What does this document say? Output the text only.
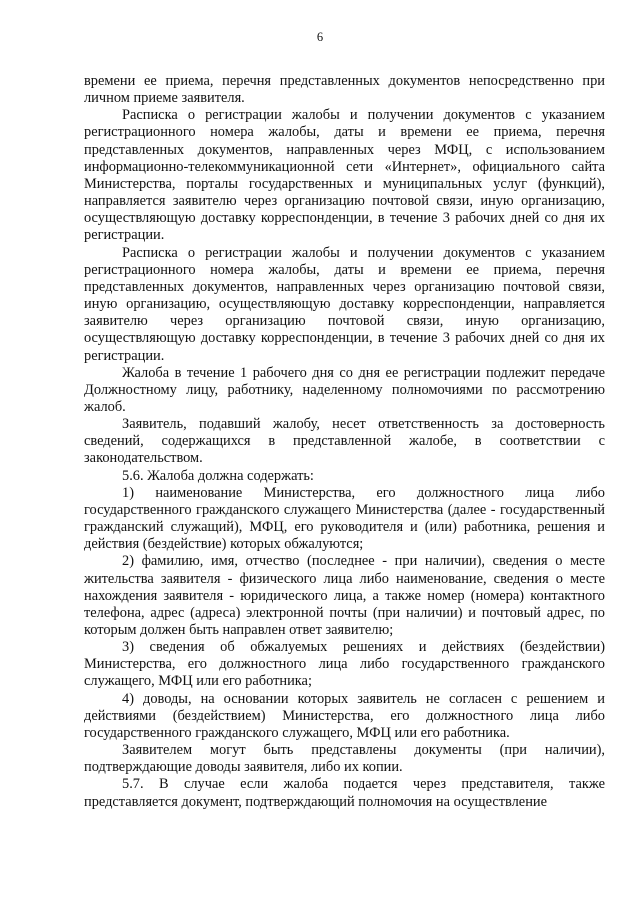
6

времени ее приема, перечня представленных документов непосредственно при личном приеме заявителя.

Расписка о регистрации жалобы и получении документов с указанием регистрационного номера жалобы, даты и времени ее приема, перечня представленных документов, направленных через МФЦ, с использованием информационно-телекоммуникационной сети «Интернет», официального сайта Министерства, порталы государственных и муниципальных услуг (функций), направляется заявителю через организацию почтовой связи, иную организацию, осуществляющую доставку корреспонденции, в течение 3 рабочих дней со дня их регистрации.

Расписка о регистрации жалобы и получении документов с указанием регистрационного номера жалобы, даты и времени ее приема, перечня представленных документов, направленных через организацию почтовой связи, иную организацию, осуществляющую доставку корреспонденции, направляется заявителю через организацию почтовой связи, иную организацию, осуществляющую доставку корреспонденции, в течение 3 рабочих дней со дня их регистрации.

Жалоба в течение 1 рабочего дня со дня ее регистрации подлежит передаче Должностному лицу, работнику, наделенному полномочиями по рассмотрению жалоб.

Заявитель, подавший жалобу, несет ответственность за достоверность сведений, содержащихся в представленной жалобе, в соответствии с законодательством.

5.6. Жалоба должна содержать:

1) наименование Министерства, его должностного лица либо государственного гражданского служащего Министерства (далее - государственный гражданский служащий), МФЦ, его руководителя и (или) работника, решения и действия (бездействие) которых обжалуются;

2) фамилию, имя, отчество (последнее - при наличии), сведения о месте жительства заявителя - физического лица либо наименование, сведения о месте нахождения заявителя - юридического лица, а также номер (номера) контактного телефона, адрес (адреса) электронной почты (при наличии) и почтовый адрес, по которым должен быть направлен ответ заявителю;

3) сведения об обжалуемых решениях и действиях (бездействии) Министерства, его должностного лица либо государственного гражданского служащего, МФЦ или его работника;

4) доводы, на основании которых заявитель не согласен с решением и действиями (бездействием) Министерства, его должностного лица либо государственного гражданского служащего, МФЦ или его работника.

Заявителем могут быть представлены документы (при наличии), подтверждающие доводы заявителя, либо их копии.

5.7. В случае если жалоба подается через представителя, также представляется документ, подтверждающий полномочия на осуществление
